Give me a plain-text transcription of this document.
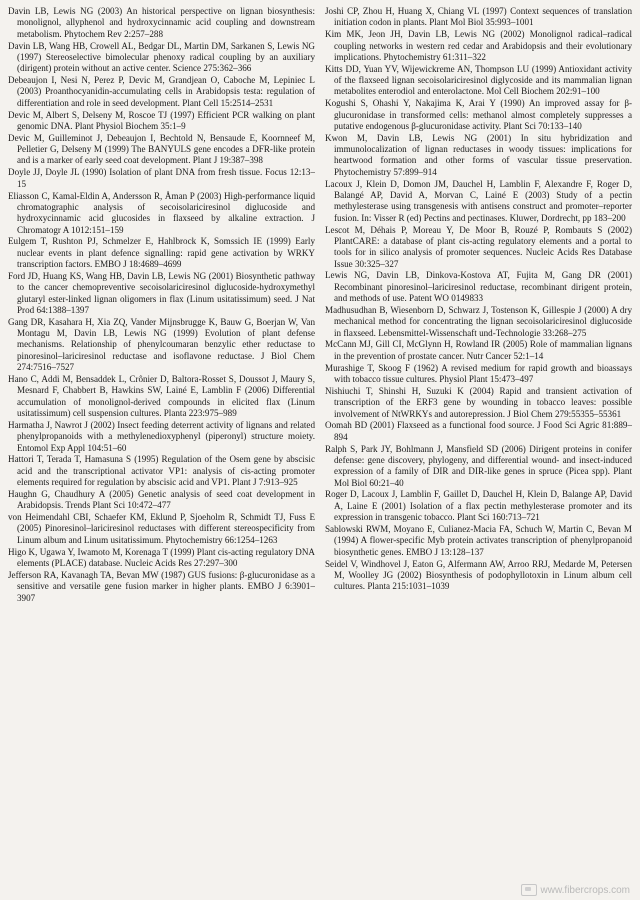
Davin LB, Lewis NG (2003) An historical perspective on lignan biosynthesis: monolignol, allyphenol and hydroxycinnamic acid coupling and downstream metabolism. Phytochem Rev 2:257–288

Davin LB, Wang HB, Crowell AL, Bedgar DL, Martin DM, Sarkanen S, Lewis NG (1997) Stereoselective bimolecular phenoxy radical coupling by an auxiliary (dirigent) protein without an active center. Science 275:362–366

Debeaujon I, Nesi N, Perez P, Devic M, Grandjean O, Caboche M, Lepiniec L (2003) Proanthocyanidin-accumulating cells in Arabidopsis testa: regulation of differentiation and role in seed development. Plant Cell 15:2514–2531

Devic M, Albert S, Delseny M, Roscoe TJ (1997) Efficient PCR walking on plant genomic DNA. Plant Physiol Biochem 35:1–9

Devic M, Guilleminot J, Debeaujon I, Bechtold N, Bensaude E, Koornneef M, Pelletier G, Delseny M (1999) The BANYULS gene encodes a DFR-like protein and is a marker of early seed coat development. Plant J 19:387–398

Doyle JJ, Doyle JL (1990) Isolation of plant DNA from fresh tissue. Focus 12:13–15

Eliasson C, Kamal-Eldin A, Andersson R, Åman P (2003) High-performance liquid chromatographic analysis of secoisolariciresinol diglucoside and hydroxycinnamic acid glucosides in flaxseed by alkaline extraction. J Chromatogr A 1012:151–159

Eulgem T, Rushton PJ, Schmelzer E, Hahlbrock K, Somssich IE (1999) Early nuclear events in plant defence signalling: rapid gene activation by WRKY transcription factors. EMBO J 18:4689–4699

Ford JD, Huang KS, Wang HB, Davin LB, Lewis NG (2001) Biosynthetic pathway to the cancer chemopreventive secoisolariciresinol diglucoside-hydroxymethyl glutaryl ester-linked lignan oligomers in flax (Linum usitatissimum) seed. J Nat Prod 64:1388–1397

Gang DR, Kasahara H, Xia ZQ, Vander Mijnsbrugge K, Bauw G, Boerjan W, Van Montagu M, Davin LB, Lewis NG (1999) Evolution of plant defense mechanisms. Relationship of phenylcoumaran benzylic ether reductase to pinoresinol–lariciresinol reductase and isoflavone reductase. J Biol Chem 274:7516–7527

Hano C, Addi M, Bensaddek L, Crônier D, Baltora-Rosset S, Doussot J, Maury S, Mesnard F, Chabbert B, Hawkins SW, Lainé E, Lamblin F (2006) Differential accumulation of monolignol-derived compounds in elicited flax (Linum usitatissimum) cell suspension cultures. Planta 223:975–989

Harmatha J, Nawrot J (2002) Insect feeding deterrent activity of lignans and related phenylpropanoids with a methylenedioxyphenyl (piperonyl) structure moiety. Entomol Exp Appl 104:51–60

Hattori T, Terada T, Hamasuna S (1995) Regulation of the Osem gene by abscisic acid and the transcriptional activator VP1: analysis of cis-acting promoter elements required for regulation by abscisic acid and VP1. Plant J 7:913–925

Haughn G, Chaudhury A (2005) Genetic analysis of seed coat development in Arabidopsis. Trends Plant Sci 10:472–477

von Heimendahl CBI, Schaefer KM, Eklund P, Sjoeholm R, Schmidt TJ, Fuss E (2005) Pinoresinol–lariciresinol reductases with different stereospecificity from Linum album and Linum usitatissimum. Phytochemistry 66:1254–1263

Higo K, Ugawa Y, Iwamoto M, Korenaga T (1999) Plant cis-acting regulatory DNA elements (PLACE) database. Nucleic Acids Res 27:297–300

Jefferson RA, Kavanagh TA, Bevan MW (1987) GUS fusions: β-glucuronidase as a sensitive and versatile gene fusion marker in higher plants. EMBO J 6:3901–3907

Joshi CP, Zhou H, Huang X, Chiang VL (1997) Context sequences of translation initiation codon in plants. Plant Mol Biol 35:993–1001

Kim MK, Jeon JH, Davin LB, Lewis NG (2002) Monolignol radical–radical coupling networks in western red cedar and Arabidopsis and their evolutionary implications. Phytochemistry 61:311–322

Kitts DD, Yuan YV, Wijewickreme AN, Thompson LU (1999) Antioxidant activity of the flaxseed lignan secoisolariciresinol diglycoside and its mammalian lignan metabolites enterodiol and enterolactone. Mol Cell Biochem 202:91–100

Kogushi S, Ohashi Y, Nakajima K, Arai Y (1990) An improved assay for β-glucuronidase in transformed cells: methanol almost completely suppresses a putative endogenous β-glucuronidase activity. Plant Sci 70:133–140

Kwon M, Davin LB, Lewis NG (2001) In situ hybridization and immunolocalization of lignan reductases in woody tissues: implications for heartwood formation and other forms of vascular tissue preservation. Phytochemistry 57:899–914

Lacoux J, Klein D, Domon JM, Dauchel H, Lamblin F, Alexandre F, Roger D, Balangé AP, David A, Morvan C, Lainé E (2003) Study of a pectin methylesterase using transgenesis with antisens construct and promoter–reporter fusion. In: Visser R (ed) Pectins and pectinases. Kluwer, Dordrecht, pp 183–200

Lescot M, Déhais P, Moreau Y, De Moor B, Rouzé P, Rombauts S (2002) PlantCARE: a database of plant cis-acting regulatory elements and a portal to tools for in silico analysis of promoter sequences. Nucleic Acids Res Database Issue 30:325–327

Lewis NG, Davin LB, Dinkova-Kostova AT, Fujita M, Gang DR (2001) Recombinant pinoresinol–lariciresinol reductase, recombinant dirigent protein, and methods of use. Patent WO 0149833

Madhusudhan B, Wiesenborn D, Schwarz J, Tostenson K, Gillespie J (2000) A dry mechanical method for concentrating the lignan secoisolariciresinol diglucoside in flaxseed. Lebensmittel-Wissenschaft und-Technologie 33:268–275

McCann MJ, Gill CI, McGlynn H, Rowland IR (2005) Role of mammalian lignans in the prevention of prostate cancer. Nutr Cancer 52:1–14

Murashige T, Skoog F (1962) A revised medium for rapid growth and bioassays with tobacco tissue cultures. Physiol Plant 15:473–497

Nishiuchi T, Shinshi H, Suzuki K (2004) Rapid and transient activation of transcription of the ERF3 gene by wounding in tobacco leaves: possible involvement of NtWRKYs and autorepression. J Biol Chem 279:55355–55361

Oomah BD (2001) Flaxseed as a functional food source. J Food Sci Agric 81:889–894

Ralph S, Park JY, Bohlmann J, Mansfield SD (2006) Dirigent proteins in conifer defense: gene discovery, phylogeny, and differential wound- and insect-induced expression of a family of DIR and DIR-like genes in spruce (Picea spp). Plant Mol Biol 60:21–40

Roger D, Lacoux J, Lamblin F, Gaillet D, Dauchel H, Klein D, Balange AP, David A, Laine E (2001) Isolation of a flax pectin methylesterase promoter and its expression in transgenic tobacco. Plant Sci 160:713–721

Sablowski RWM, Moyano E, Culianez-Macia FA, Schuch W, Martin C, Bevan M (1994) A flower-specific Myb protein activates transcription of phenylpropanoid biosynthetic genes. EMBO J 13:128–137

Seidel V, Windhovel J, Eaton G, Alfermann AW, Arroo RRJ, Medarde M, Petersen M, Woolley JG (2002) Biosynthesis of podophyllotoxin in Linum album cell cultures. Planta 215:1031–1039

www.fibercrops.com
